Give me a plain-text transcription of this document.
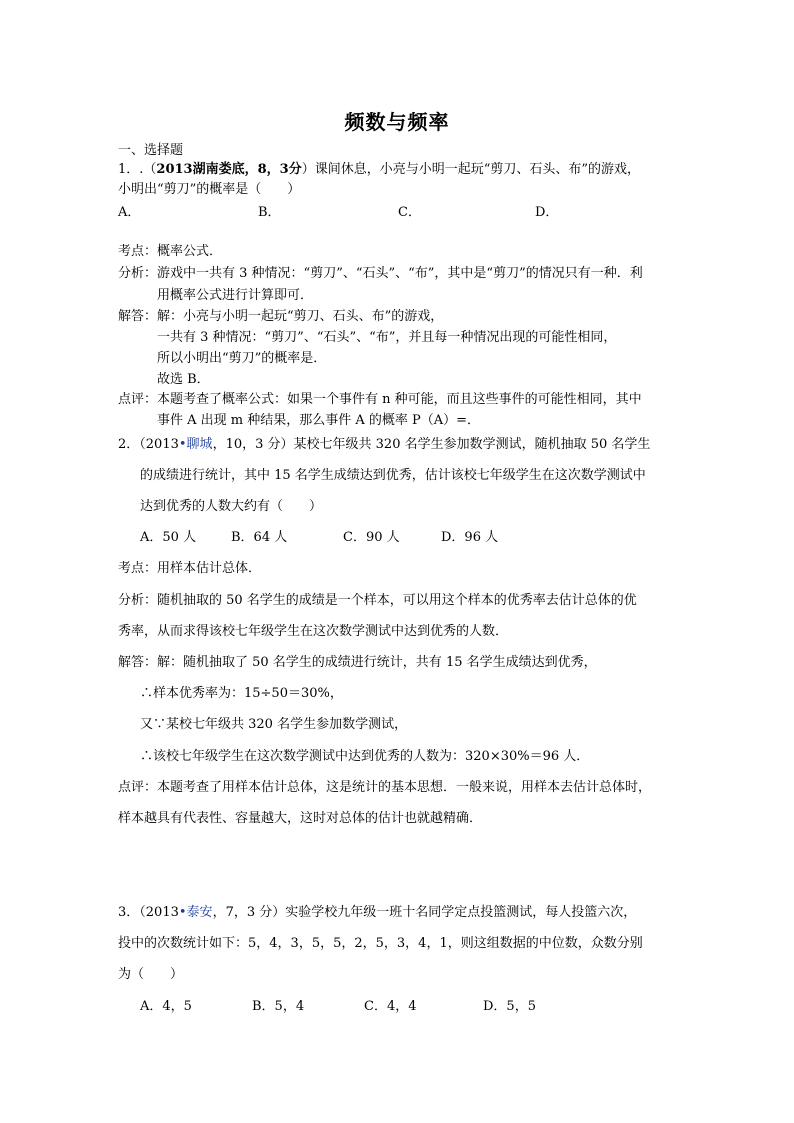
频数与频率
一、选择题
1．.（2013湖南娄底，8，3分）课间休息，小亮与小明一起玩“剪刀、石头、布”的游戏，
小明出“剪刀”的概率是（　　）
A．	B．	C．	D．
考点：概率公式．
分析：游戏中一共有 3 种情况：“剪刀”、“石头”、“布”，其中是“剪刀”的情况只有一种．利
用概率公式进行计算即可．
解答：解：小亮与小明一起玩“剪刀、石头、布”的游戏，
一共有 3 种情况：“剪刀”、“石头”、“布”，并且每一种情况出现的可能性相同，
所以小明出“剪刀”的概率是．
故选 B．
点评：本题考查了概率公式：如果一个事件有 n 种可能，而且这些事件的可能性相同，其中
事件 A 出现 m 种结果，那么事件 A 的概率 P（A）=．
2．（2013•聊城，10，3 分）某校七年级共 320 名学生参加数学测试，随机抽取 50 名学生
的成绩进行统计，其中 15 名学生成绩达到优秀，估计该校七年级学生在这次数学测试中
达到优秀的人数大约有（　　）
A．50 人	B．64 人	C．90 人	D．96 人
考点：用样本估计总体．
分析：随机抽取的 50 名学生的成绩是一个样本，可以用这个样本的优秀率去估计总体的优
秀率，从而求得该校七年级学生在这次数学测试中达到优秀的人数．
解答：解：随机抽取了 50 名学生的成绩进行统计，共有 15 名学生成绩达到优秀，
∴样本优秀率为：15÷50＝30%，
又∵某校七年级共 320 名学生参加数学测试，
∴该校七年级学生在这次数学测试中达到优秀的人数为：320×30%＝96 人．
点评：本题考查了用样本估计总体，这是统计的基本思想．一般来说，用样本去估计总体时，
样本越具有代表性、容量越大，这时对总体的估计也就越精确．
3．（2013•泰安，7，3 分）实验学校九年级一班十名同学定点投篮测试，每人投篮六次，
投中的次数统计如下：5，4，3，5，5，2，5，3，4，1，则这组数据的中位数，众数分别
为（　　）
A．4，5	B．5，4	C．4，4	D．5，5
